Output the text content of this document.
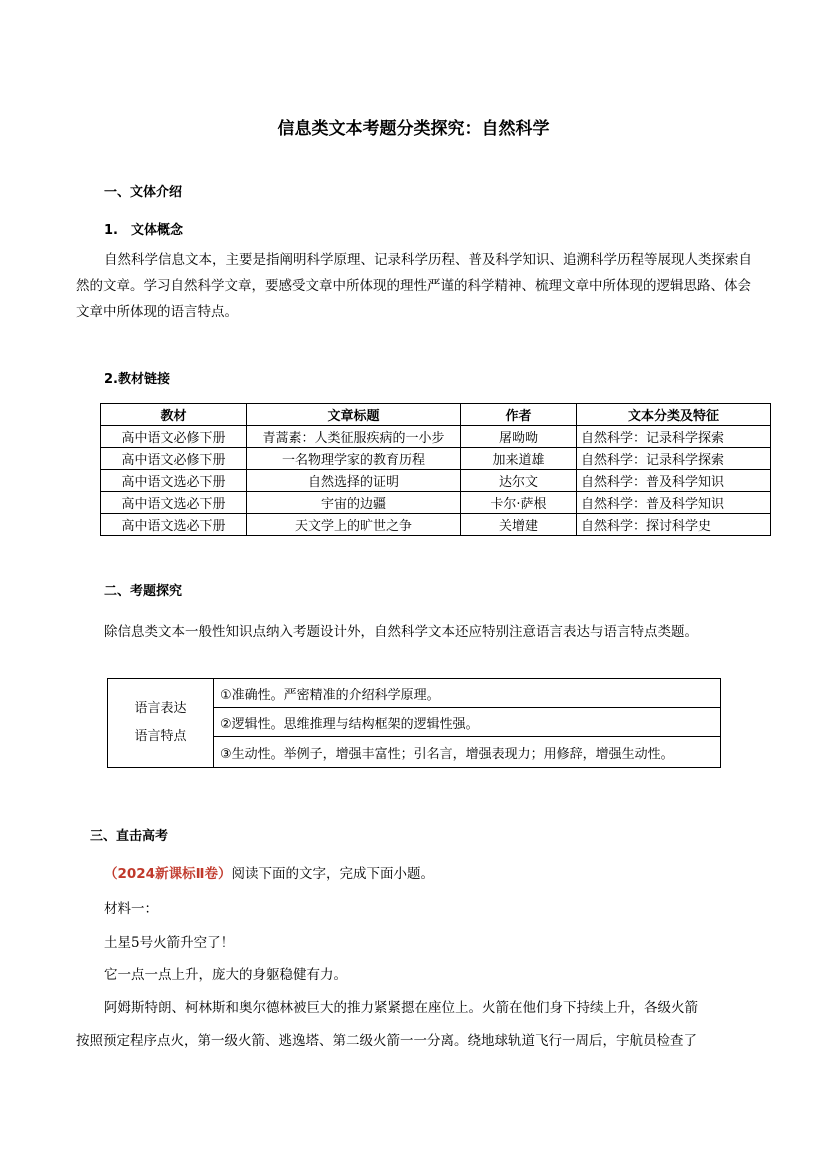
信息类文本考题分类探究：自然科学
一、文体介绍
1.　文体概念
自然科学信息文本，主要是指阐明科学原理、记录科学历程、普及科学知识、追溯科学历程等展现人类探索自然的文章。学习自然科学文章，要感受文章中所体现的理性严谨的科学精神、梳理文章中所体现的逻辑思路、体会文章中所体现的语言特点。
2.教材链接
教材	文章标题	作者	文本分类及特征
高中语文必修下册	青蒿素：人类征服疾病的一小步	屠呦呦	自然科学：记录科学探索
高中语文必修下册	一名物理学家的教育历程	加来道雄	自然科学：记录科学探索
高中语文选必下册	自然选择的证明	达尔文	自然科学：普及科学知识
高中语文选必下册	宇宙的边疆	卡尔·萨根	自然科学：普及科学知识
高中语文选必下册	天文学上的旷世之争	关增建	自然科学：探讨科学史
二、考题探究
除信息类文本一般性知识点纳入考题设计外，自然科学文本还应特别注意语言表达与语言特点类题。
语言表达
语言特点
	①准确性。严密精准的介绍科学原理。
②逻辑性。思维推理与结构框架的逻辑性强。
③生动性。举例子，增强丰富性；引名言，增强表现力；用修辞，增强生动性。
三、直击高考
（2024新课标Ⅱ卷）阅读下面的文字，完成下面小题。
材料一：
土星5号火箭升空了！
它一点一点上升，庞大的身躯稳健有力。
阿姆斯特朗、柯林斯和奥尔德林被巨大的推力紧紧摁在座位上。火箭在他们身下持续上升，各级火箭
按照预定程序点火，第一级火箭、逃逸塔、第二级火箭一一分离。绕地球轨道飞行一周后，宇航员检查了
